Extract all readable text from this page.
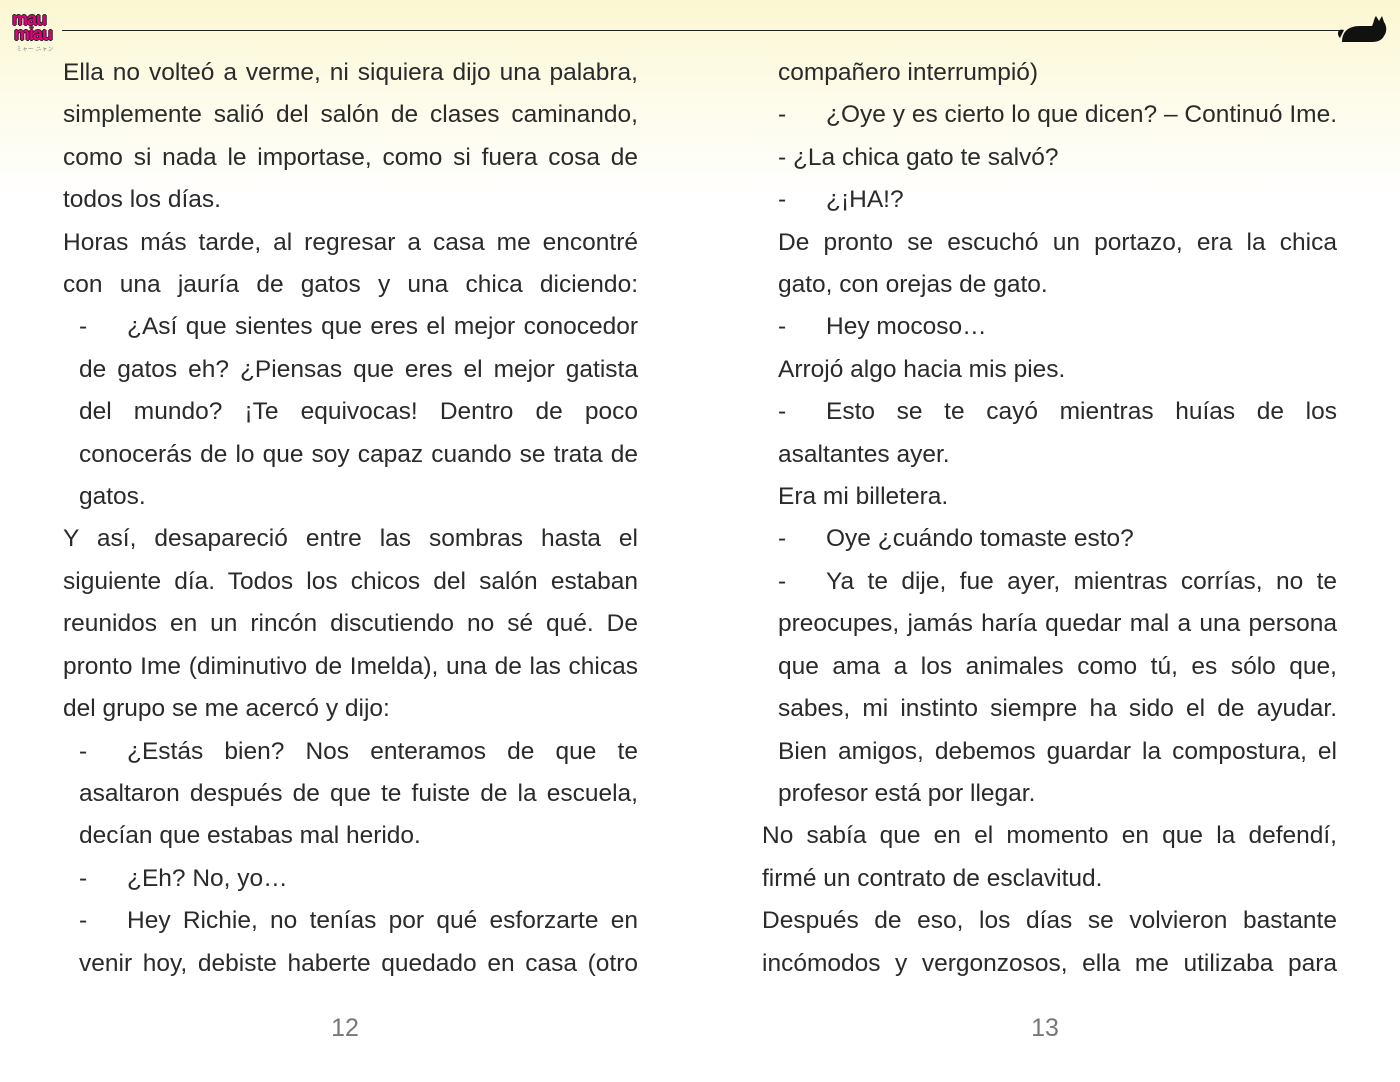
mau
miau
ミャー ニャン

Ella no volteó a verme, ni siquiera dijo una palabra, simplemente salió del salón de clases caminando, como si nada le importase, como si fuera cosa de todos los días.

Horas más tarde, al regresar a casa me encontré con una jauría de gatos y una chica diciendo:

- ¿Así que sientes que eres el mejor conocedor de gatos eh? ¿Piensas que eres el mejor gatista del mundo? ¡Te equivocas! Dentro de poco conocerás de lo que soy capaz cuando se trata de gatos.

Y así, desapareció entre las sombras hasta el siguiente día. Todos los chicos del salón estaban reunidos en un rincón discutiendo no sé qué. De pronto Ime (diminutivo de Imelda), una de las chicas del grupo se me acercó y dijo:

- ¿Estás bien? Nos enteramos de que te asaltaron después de que te fuiste de la escuela, decían que estabas mal herido.
- ¿Eh? No, yo…
- Hey Richie, no tenías por qué esforzarte en venir hoy, debiste haberte quedado en casa (otro
12

compañero interrumpió)

- ¿Oye y es cierto lo que dicen? – Continuó Ime. - ¿La chica gato te salvó?
- ¿¡HA!?

De pronto se escuchó un portazo, era la chica gato, con orejas de gato.

- Hey mocoso…

Arrojó algo hacia mis pies.

- Esto se te cayó mientras huías de los asaltantes ayer.

Era mi billetera.

- Oye ¿cuándo tomaste esto?
- Ya te dije, fue ayer, mientras corrías, no te preocupes, jamás haría quedar mal a una persona que ama a los animales como tú, es sólo que, sabes, mi instinto siempre ha sido el de ayudar. Bien amigos, debemos guardar la compostura, el profesor está por llegar.

No sabía que en el momento en que la defendí, firmé un contrato de esclavitud.

Después de eso, los días se volvieron bastante incómodos y vergonzosos, ella me utilizaba para

13
